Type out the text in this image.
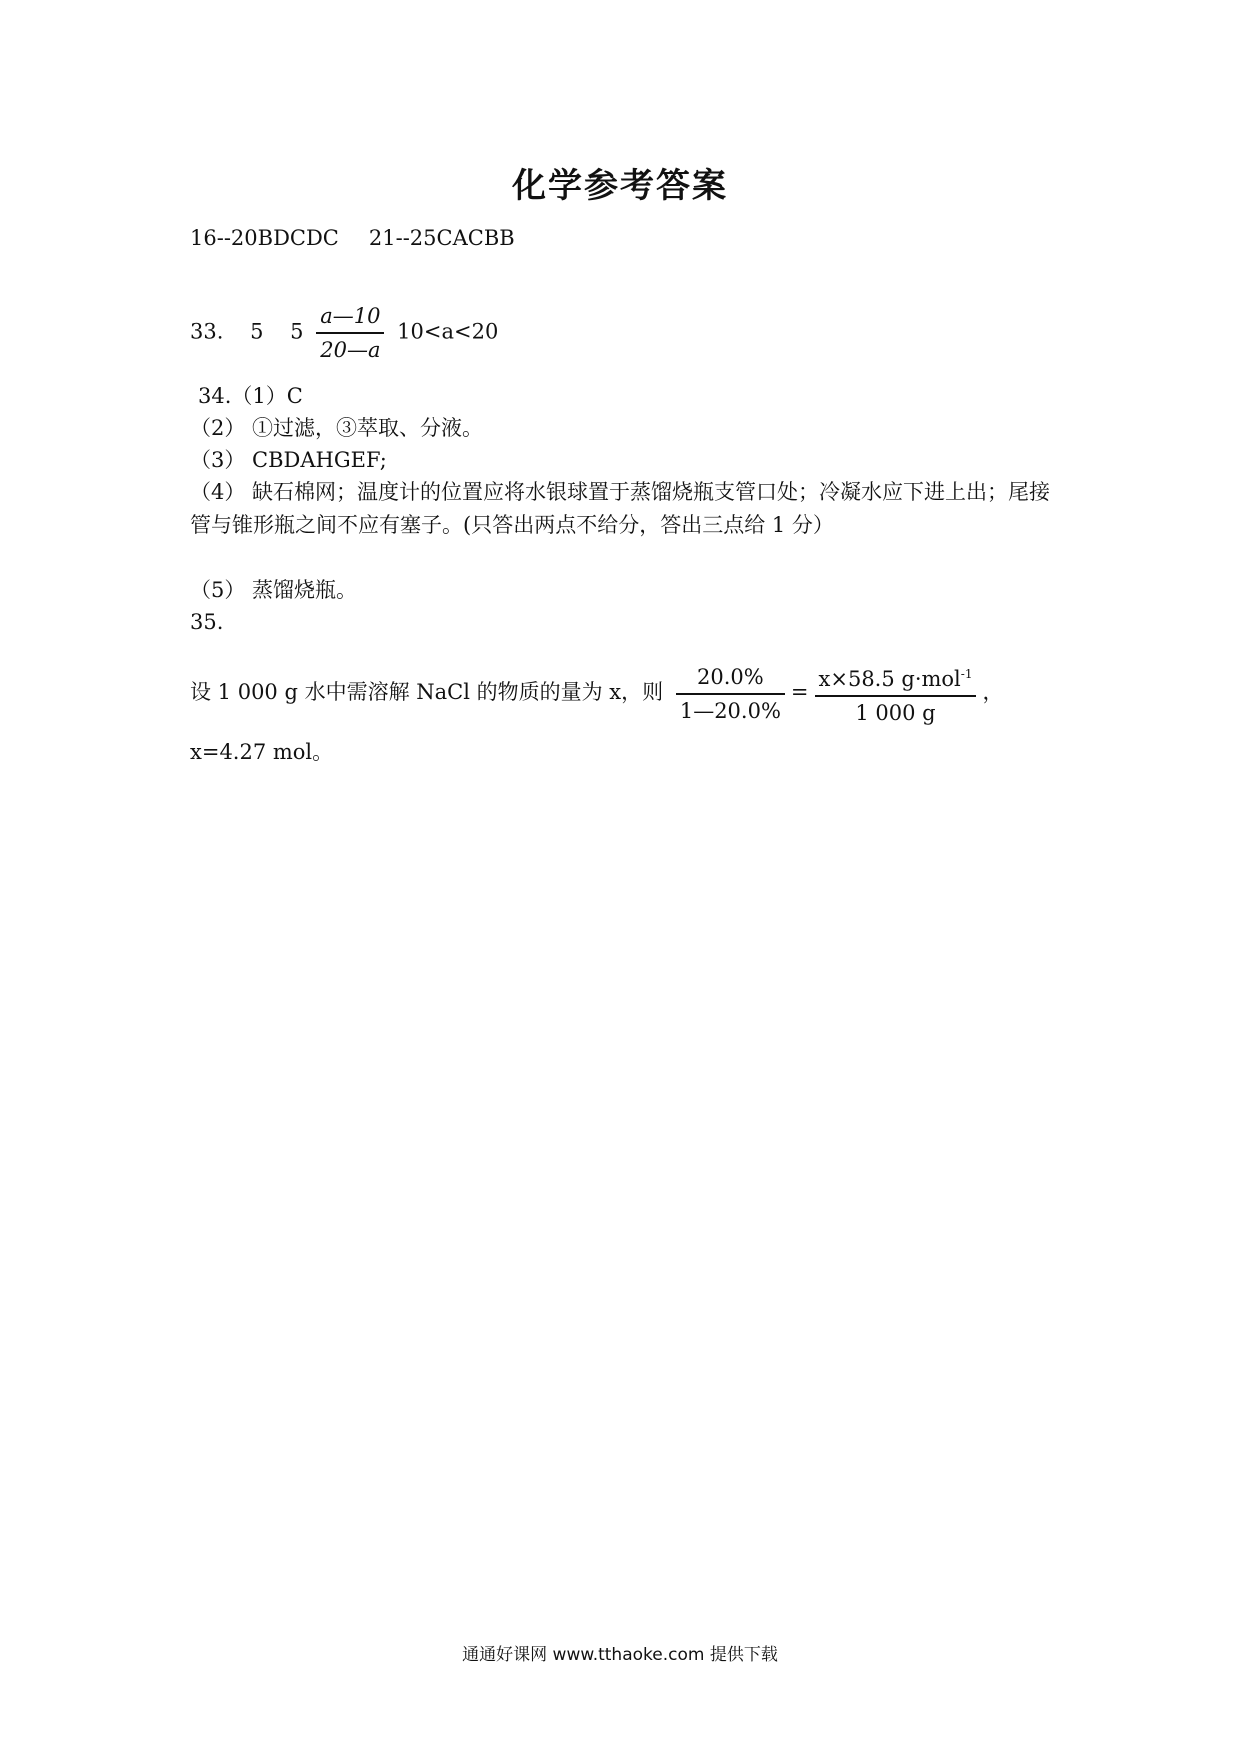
化学参考答案
16--20BDCDC 21--25CACBB
33. 5 $5 \frac{a—10}{20—a} 10<a<20$
34.（1）C
（2） ①过滤，③萃取、分液。
（3） CBDAHGEF;
（4） 缺石棉网；温度计的位置应将水银球置于蒸馏烧瓶支管口处；冷凝水应下进上出；尾接管与锥形瓶之间不应有塞子。(只答出两点不给分，答出三点给 1 分）
（5） 蒸馏烧瓶。
35.
设 1 000 g 水中需溶解 NaCl 的物质的量为 x，则 $\frac{20.0\%}{1—20.0\%} = \frac{x\times 58.5 g\cdot mol^{-1}}{1 000 g}$ ，
x=4.27 mol。
通通好课网 www.tthaoke.com 提供下载
